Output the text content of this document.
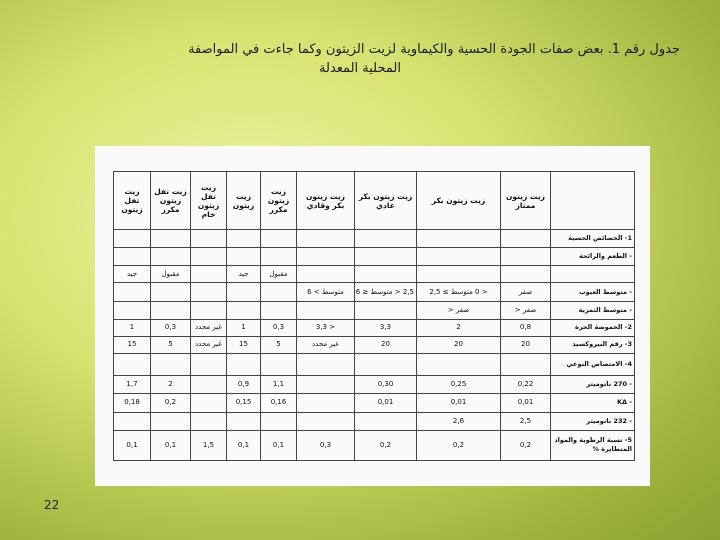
جدول رقم 1. بعض صفات الجودة الحسية والكيماوية لزيت الزيتون وكما جاءت في المواصفة
المحلية المعدلة
	زيت زيتون ممتاز	زيت زيتون بكر	زيت زيتون بكر عادي	زيت زيتون بكر وقادي	زيت زيتون مكرر	زيت زيتون	زيت تفل زيتون خام	زيت تفل زيتون مكرر	زيت تفل زيتون
1- الخصائص الحسية									
- الطعم والرائحة									
					مقبول	جيد		مقبول	جيد
- متوسط العيوب	صفر	< 0 متوسط ≥ 2,5	2,5 < متوسط ≤ 6	متوسط > 6					
- متوسط الثمرية	صفر <	صفر <							
2- الحموضة الحرة	0,8	2	3,3	< 3,3	0,3	1	غير محدد	0,3	1
3- رقم البيروكسيد	20	20	20	غير محدد	5	15	غير محدد	5	15
4- الامتصاص النوعي									
- 270 نانوميتر	0,22	0,25	0,30		1,1	0,9		2	1,7
- KΔ	0,01	0,01	0,01		0,16	0,15		0,2	0,18
- 232 نانوميتر	2,5	2,6							
5- نسبة الرطوبة والمواد المتطايرة %	0,2	0,2	0,2	0,3	0,1	0,1	1,5	0,1	0,1
22
